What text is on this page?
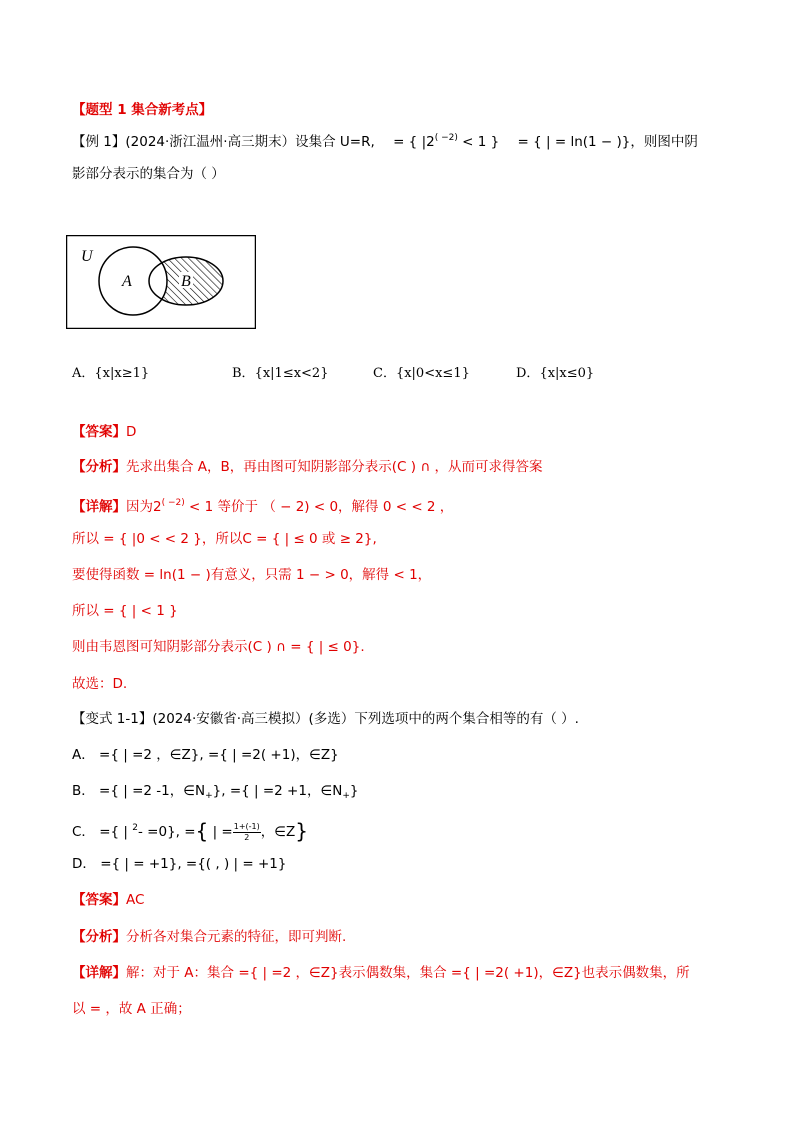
【题型 1 集合新考点】
【例 1】(2024·浙江温州·高三期末）设集合 U=R, = { $|2^{( -2)} < 1$ } = { | = ln(1 − )}，则图中阴
影部分表示的集合为（ ）
U
A	B
A．{x|x≥1}	B．{x|1≤x<2}	C．{x|0<x≤1}	D．{x|x≤0}
【答案】D
【分析】先求出集合 A，B，再由图可知阴影部分表示(C ) ∩ ，从而可求得答案
【详解】因为$2^{( -2)} < 1$ 等价于 （ − 2) < 0，解得 0 < < 2 ，
所以 = { |0 < < 2 }，所以C = { | ≤ 0 或 ≥ 2},
要使得函数 = ln(1 − )有意义，只需 1 − > 0，解得 < 1，
所以 = { | < 1 }
则由韦恩图可知阴影部分表示(C ) ∩ = { | ≤ 0}.
故选：D.
【变式 1-1】(2024·安徽省·高三模拟）(多选）下列选项中的两个集合相等的有（ ）.
A． ={ | =2 ，∈Z}, ={ | =2( +1)，∈Z}
B． ={ | =2 -1，$\in N_+$}, ={ | =2 +1，$\in N_+$}
C． ={ | $^2$- =0}, ={ | = $\frac{1+(-1)}{2}$ ，∈Z}
D． ={ | = +1}, ={( , ) | = +1}
【答案】AC
【分析】分析各对集合元素的特征，即可判断.
【详解】解：对于 A：集合 ={ | =2 ，∈Z}表示偶数集，集合 ={ | =2( +1)，∈Z}也表示偶数集，所
以 = ，故 A 正确；
